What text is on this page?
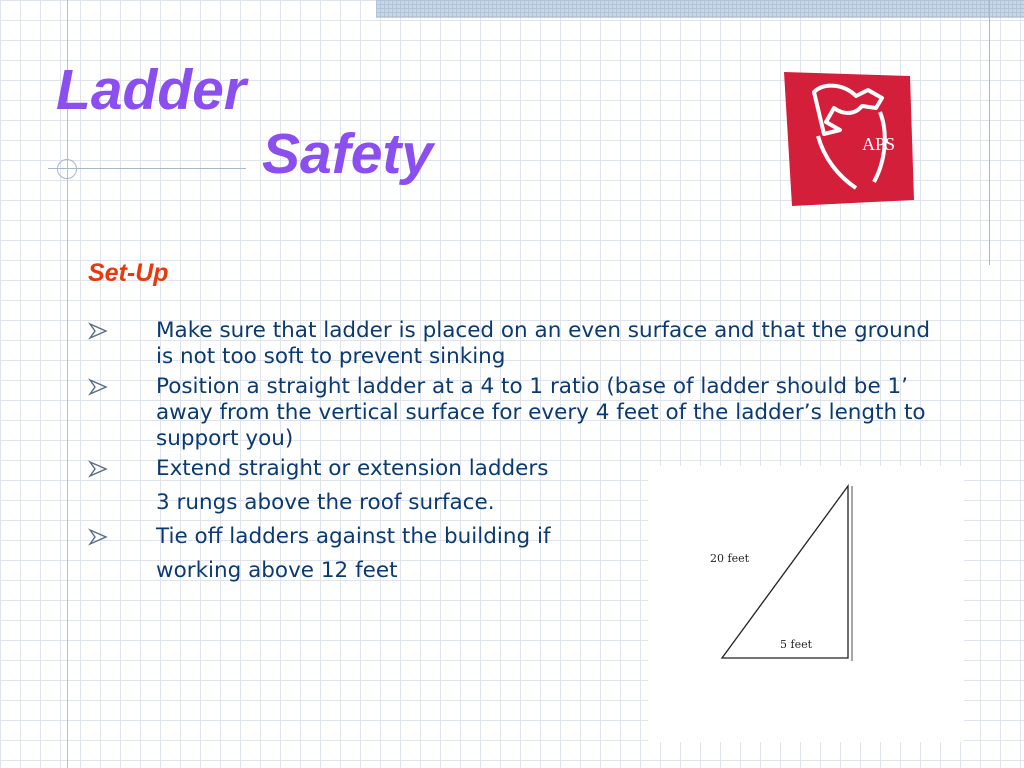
Ladder
Safety	APS
Set-Up
Make sure that ladder is placed on an even surface and that the ground is not too soft to prevent sinking
Position a straight ladder at a 4 to 1 ratio (base of ladder should be 1’ away from the vertical surface for every 4 feet of the ladder’s length to support you)
Extend straight or extension ladders
3 rungs above the roof surface.
Tie off ladders against the building if
working above 12 feet	20 feet
5 feet
